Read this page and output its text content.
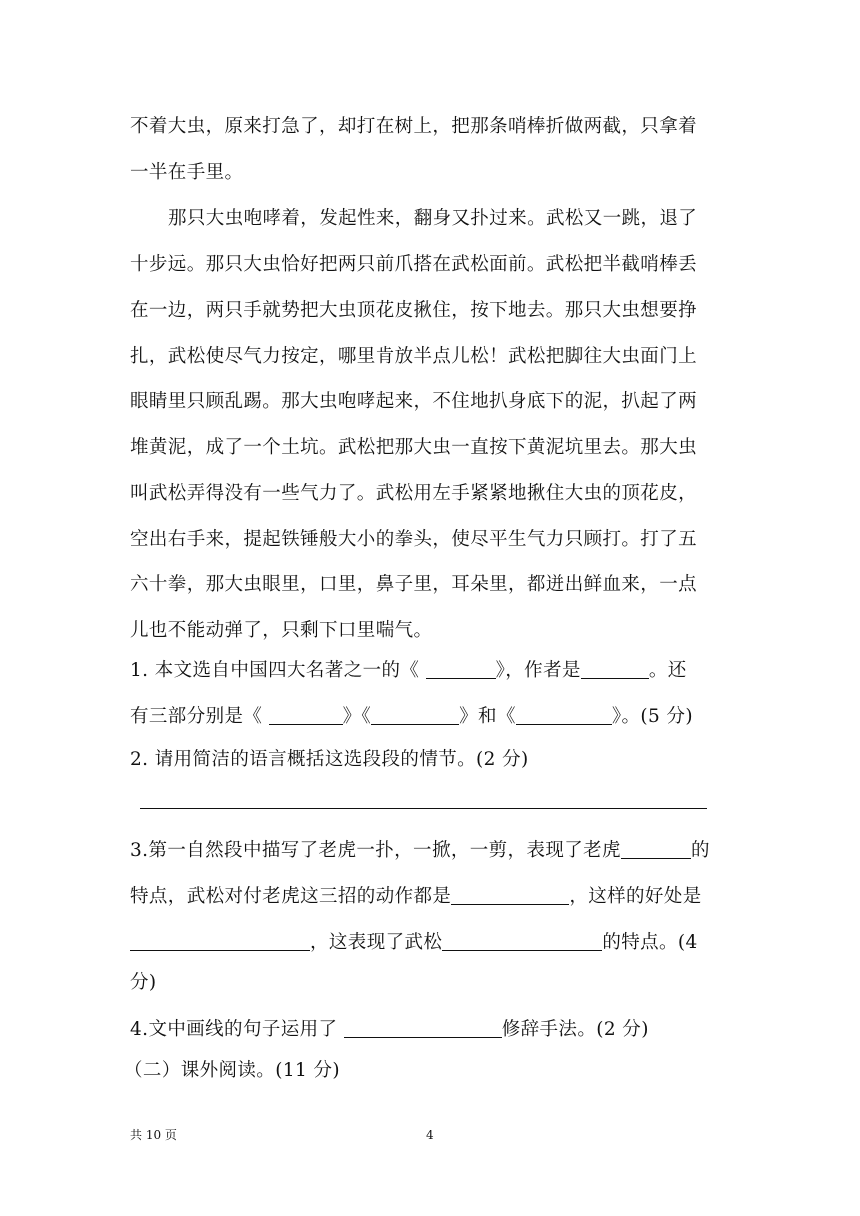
不着大虫，原来打急了，却打在树上，把那条哨棒折做两截，只拿着
一半在手里。
那只大虫咆哮着，发起性来，翻身又扑过来。武松又一跳，退了
十步远。那只大虫恰好把两只前爪搭在武松面前。武松把半截哨棒丢
在一边，两只手就势把大虫顶花皮揪住，按下地去。那只大虫想要挣
扎，武松使尽气力按定，哪里肯放半点儿松！武松把脚往大虫面门上
眼睛里只顾乱踢。那大虫咆哮起来，不住地扒身底下的泥，扒起了两
堆黄泥，成了一个土坑。武松把那大虫一直按下黄泥坑里去。那大虫
叫武松弄得没有一些气力了。武松用左手紧紧地揪住大虫的顶花皮，
空出右手来，提起铁锤般大小的拳头，使尽平生气力只顾打。打了五
六十拳，那大虫眼里，口里，鼻子里，耳朵里，都迸出鲜血来，一点
儿也不能动弹了，只剩下口里喘气。
1. 本文选自中国四大名著之一的《	》，作者是	。还
有三部分别是《	》《	》和《	》。(5 分)
2. 请用简洁的语言概括这选段段的情节。(2 分)
3.第一自然段中描写了老虎一扑，一掀，一剪，表现了老虎	的
特点，武松对付老虎这三招的动作都是	，这样的好处是
，这表现了武松	的特点。(4
分)
4.文中画线的句子运用了	修辞手法。(2 分)
（二）课外阅读。(11 分)
共 10 页	4
